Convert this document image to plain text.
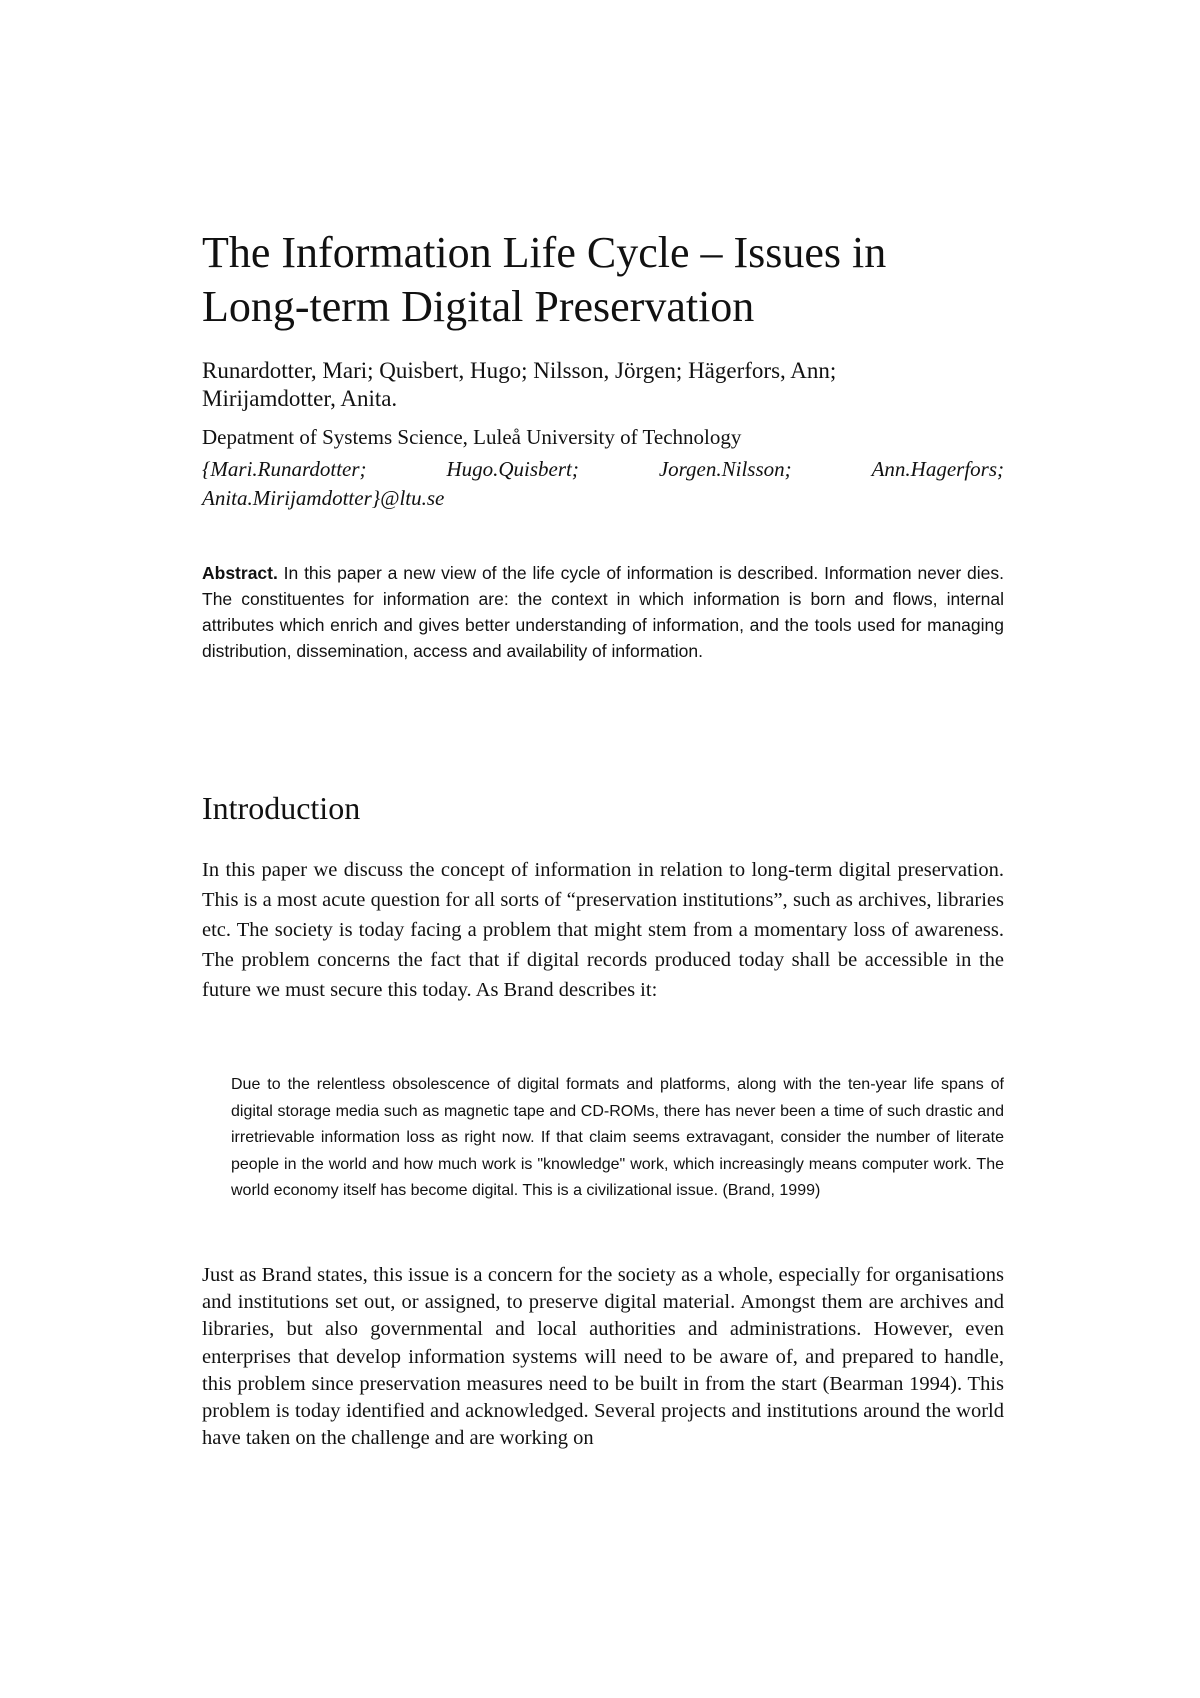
The Information Life Cycle – Issues in
Long-term Digital Preservation
Runardotter, Mari; Quisbert, Hugo; Nilsson, Jörgen; Hägerfors, Ann;
Mirijamdotter, Anita.
Depatment of Systems Science, Luleå University of Technology
{Mari.Runardotter;	Hugo.Quisbert;	Jorgen.Nilsson;	Ann.Hagerfors;
Anita.Mirijamdotter}@ltu.se

Abstract. In this paper a new view of the life cycle of information is described. Information never dies. The constituentes for information are: the context in which information is born and flows, internal attributes which enrich and gives better understanding of information, and the tools used for managing distribution, dissemination, access and availability of information.

Introduction

In this paper we discuss the concept of information in relation to long-term digital preservation. This is a most acute question for all sorts of “preservation institutions”, such as archives, libraries etc. The society is today facing a problem that might stem from a momentary loss of awareness. The problem concerns the fact that if digital records produced today shall be accessible in the future we must secure this today. As Brand describes it:

Due to the relentless obsolescence of digital formats and platforms, along with the ten-year life spans of digital storage media such as magnetic tape and CD-ROMs, there has never been a time of such drastic and irretrievable information loss as right now. If that claim seems extravagant, consider the number of literate people in the world and how much work is "knowledge" work, which increasingly means computer work. The world economy itself has become digital. This is a civilizational issue. (Brand, 1999)

Just as Brand states, this issue is a concern for the society as a whole, especially for organisations and institutions set out, or assigned, to preserve digital material. Amongst them are archives and libraries, but also governmental and local authorities and administrations. However, even enterprises that develop information systems will need to be aware of, and prepared to handle, this problem since preservation measures need to be built in from the start (Bearman 1994). This problem is today identified and acknowledged. Several projects and institutions around the world have taken on the challenge and are working on
